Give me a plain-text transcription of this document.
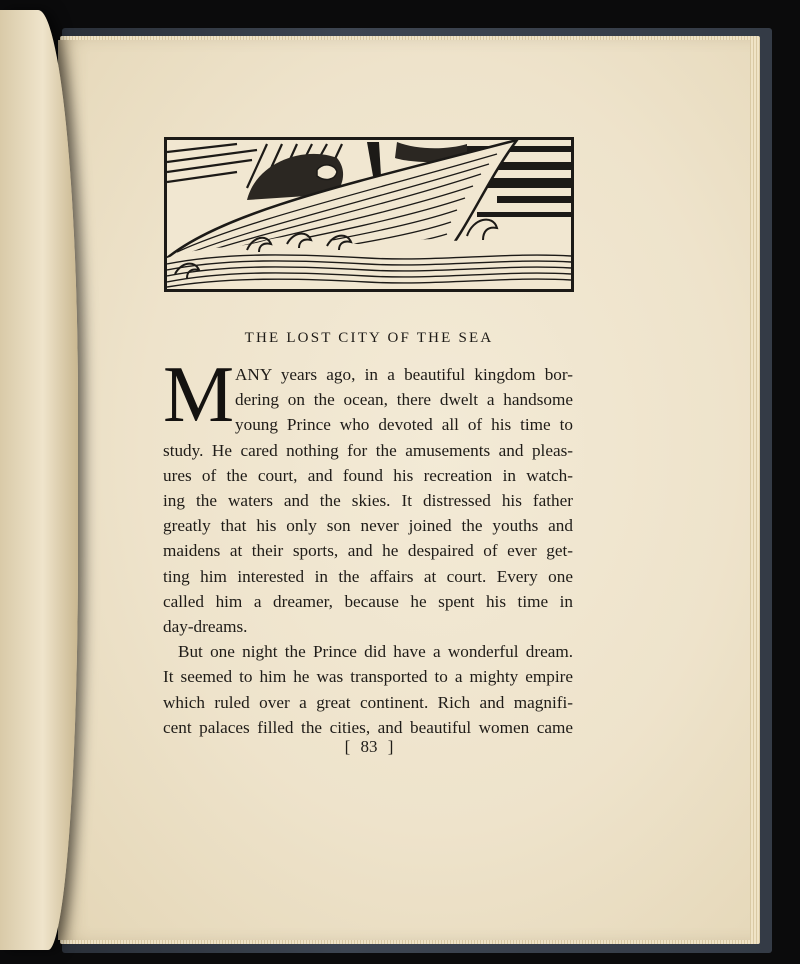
THE LOST CITY OF THE SEA
M ANY years ago, in a beautiful kingdom bor-
dering on the ocean, there dwelt a handsome
young Prince who devoted all of his time to
study. He cared nothing for the amusements and pleas-
ures of the court, and found his recreation in watch-
ing the waters and the skies. It distressed his father
greatly that his only son never joined the youths and
maidens at their sports, and he despaired of ever get-
ting him interested in the affairs at court. Every one
called him a dreamer, because he spent his time in
day-dreams.
But one night the Prince did have a wonderful dream.
It seemed to him he was transported to a mighty empire
which ruled over a great continent. Rich and magnifi-
cent palaces filled the cities, and beautiful women came
[ 83 ]
